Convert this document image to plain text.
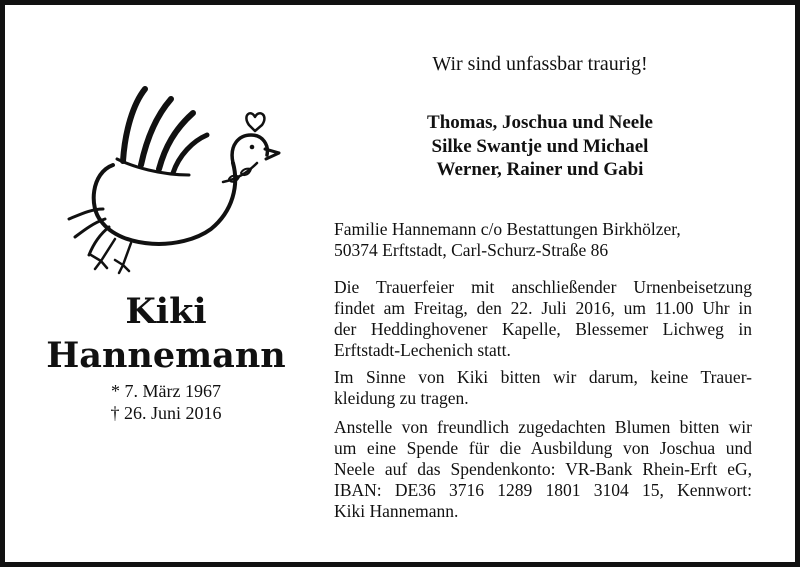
Kiki
Hannemann
* 7. März 1967
† 26. Juni 2016
Wir sind unfassbar traurig!
Thomas, Joschua und Neele
Silke Swantje und Michael
Werner, Rainer und Gabi
Familie Hannemann c/o Bestattungen Birkhölzer,
50374 Erftstadt, Carl-Schurz-Straße 86
Die Trauerfeier mit anschließender Urnenbeisetzung
findet am Freitag, den 22. Juli 2016, um 11.00 Uhr in
der Heddinghovener Kapelle, Blessemer Lichweg in
Erftstadt-Lechenich statt.
Im Sinne von Kiki bitten wir darum, keine Trauer-
kleidung zu tragen.
Anstelle von freundlich zugedachten Blumen bitten wir
um eine Spende für die Ausbildung von Joschua und
Neele auf das Spendenkonto: VR-Bank Rhein-Erft eG,
IBAN: DE36 3716 1289 1801 3104 15, Kennwort:
Kiki Hannemann.
